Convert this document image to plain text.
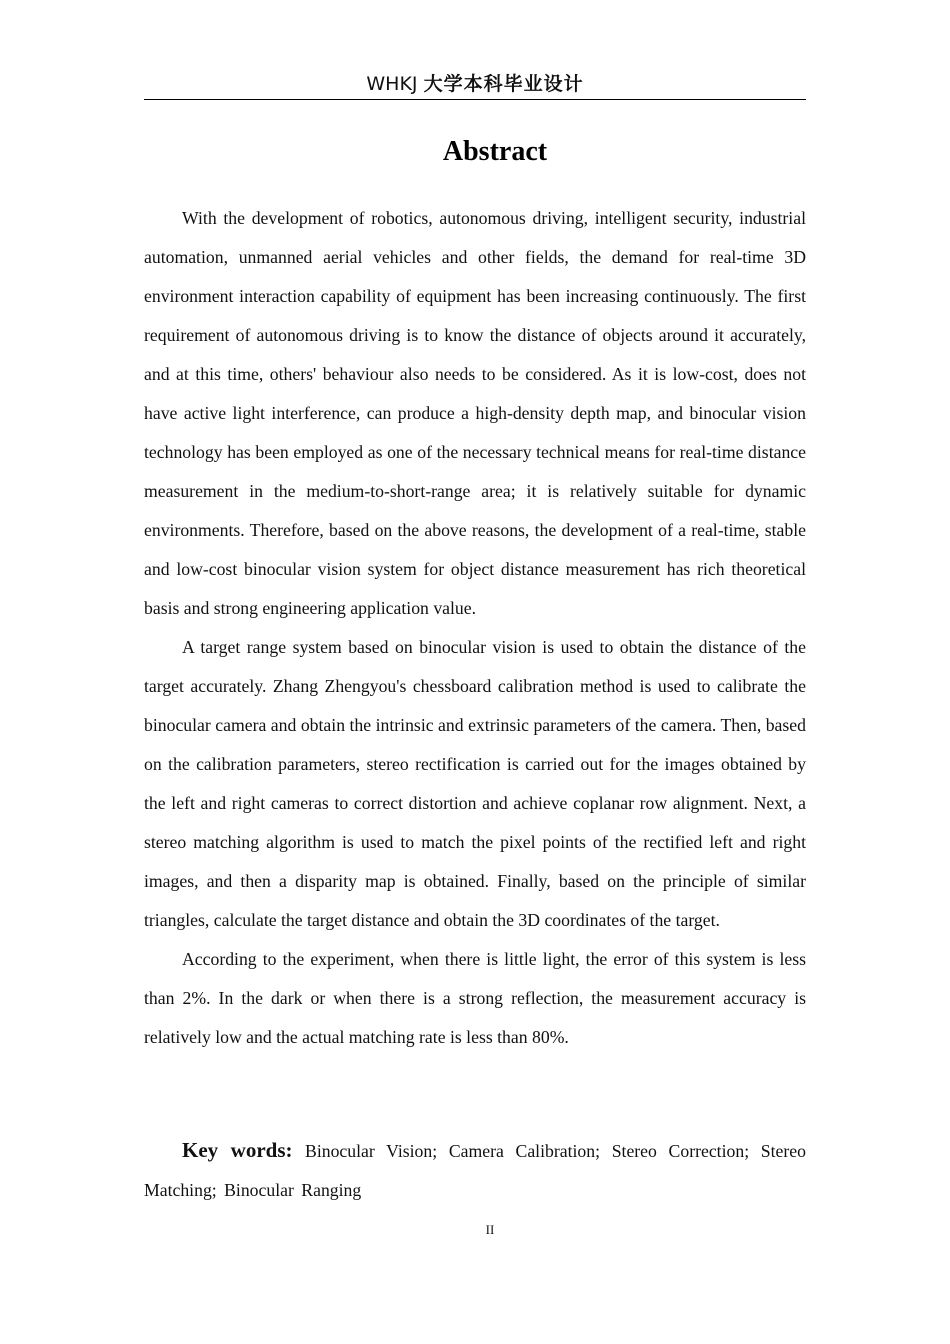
WHKJ 大学本科毕业设计
Abstract

With the development of robotics, autonomous driving, intelligent security, industrial automation, unmanned aerial vehicles and other fields, the demand for real-time 3D environment interaction capability of equipment has been increasing continuously. The first requirement of autonomous driving is to know the distance of objects around it accurately, and at this time, others' behaviour also needs to be considered. As it is low-cost, does not have active light interference, can produce a high-density depth map, and binocular vision technology has been employed as one of the necessary technical means for real-time distance measurement in the medium-to-short-range area; it is relatively suitable for dynamic environments. Therefore, based on the above reasons, the development of a real-time, stable and low-cost binocular vision system for object distance measurement has rich theoretical basis and strong engineering application value.

A target range system based on binocular vision is used to obtain the distance of the target accurately. Zhang Zhengyou's chessboard calibration method is used to calibrate the binocular camera and obtain the intrinsic and extrinsic parameters of the camera. Then, based on the calibration parameters, stereo rectification is carried out for the images obtained by the left and right cameras to correct distortion and achieve coplanar row alignment. Next, a stereo matching algorithm is used to match the pixel points of the rectified left and right images, and then a disparity map is obtained. Finally, based on the principle of similar triangles, calculate the target distance and obtain the 3D coordinates of the target.

According to the experiment, when there is little light, the error of this system is less than 2%. In the dark or when there is a strong reflection, the measurement accuracy is relatively low and the actual matching rate is less than 80%.

Key words: Binocular Vision; Camera Calibration; Stereo Correction; Stereo Matching; Binocular Ranging
II
